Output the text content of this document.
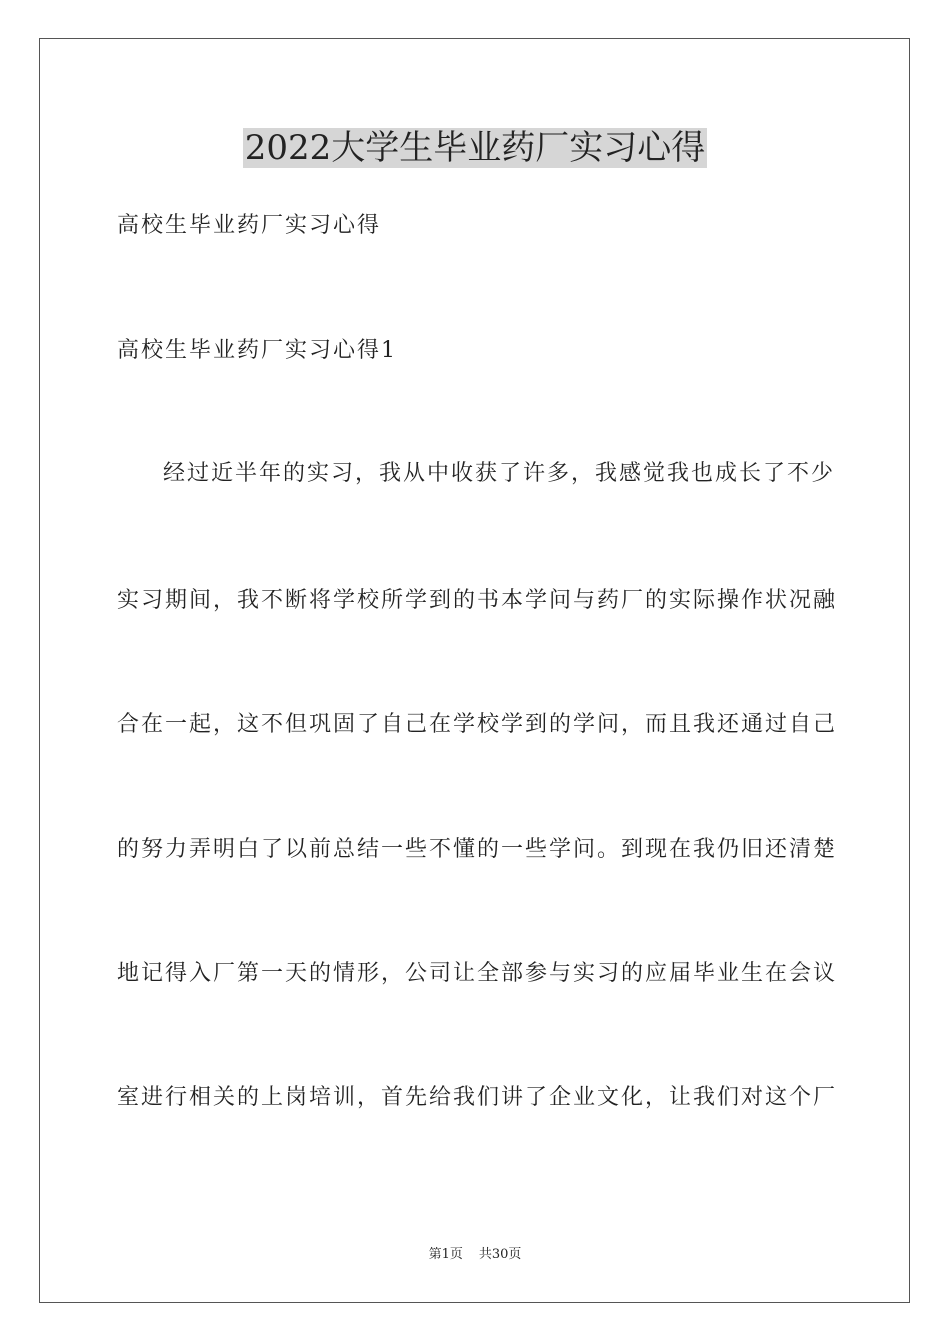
2022大学生毕业药厂实习心得
高校生毕业药厂实习心得
高校生毕业药厂实习心得1
经过近半年的实习，我从中收获了许多，我感觉我也成长了不少
实习期间，我不断将学校所学到的书本学问与药厂的实际操作状况融
合在一起，这不但巩固了自己在学校学到的学问，而且我还通过自己
的努力弄明白了以前总结一些不懂的一些学问。到现在我仍旧还清楚
地记得入厂第一天的情形，公司让全部参与实习的应届毕业生在会议
室进行相关的上岗培训，首先给我们讲了企业文化，让我们对这个厂
第1页 共30页
